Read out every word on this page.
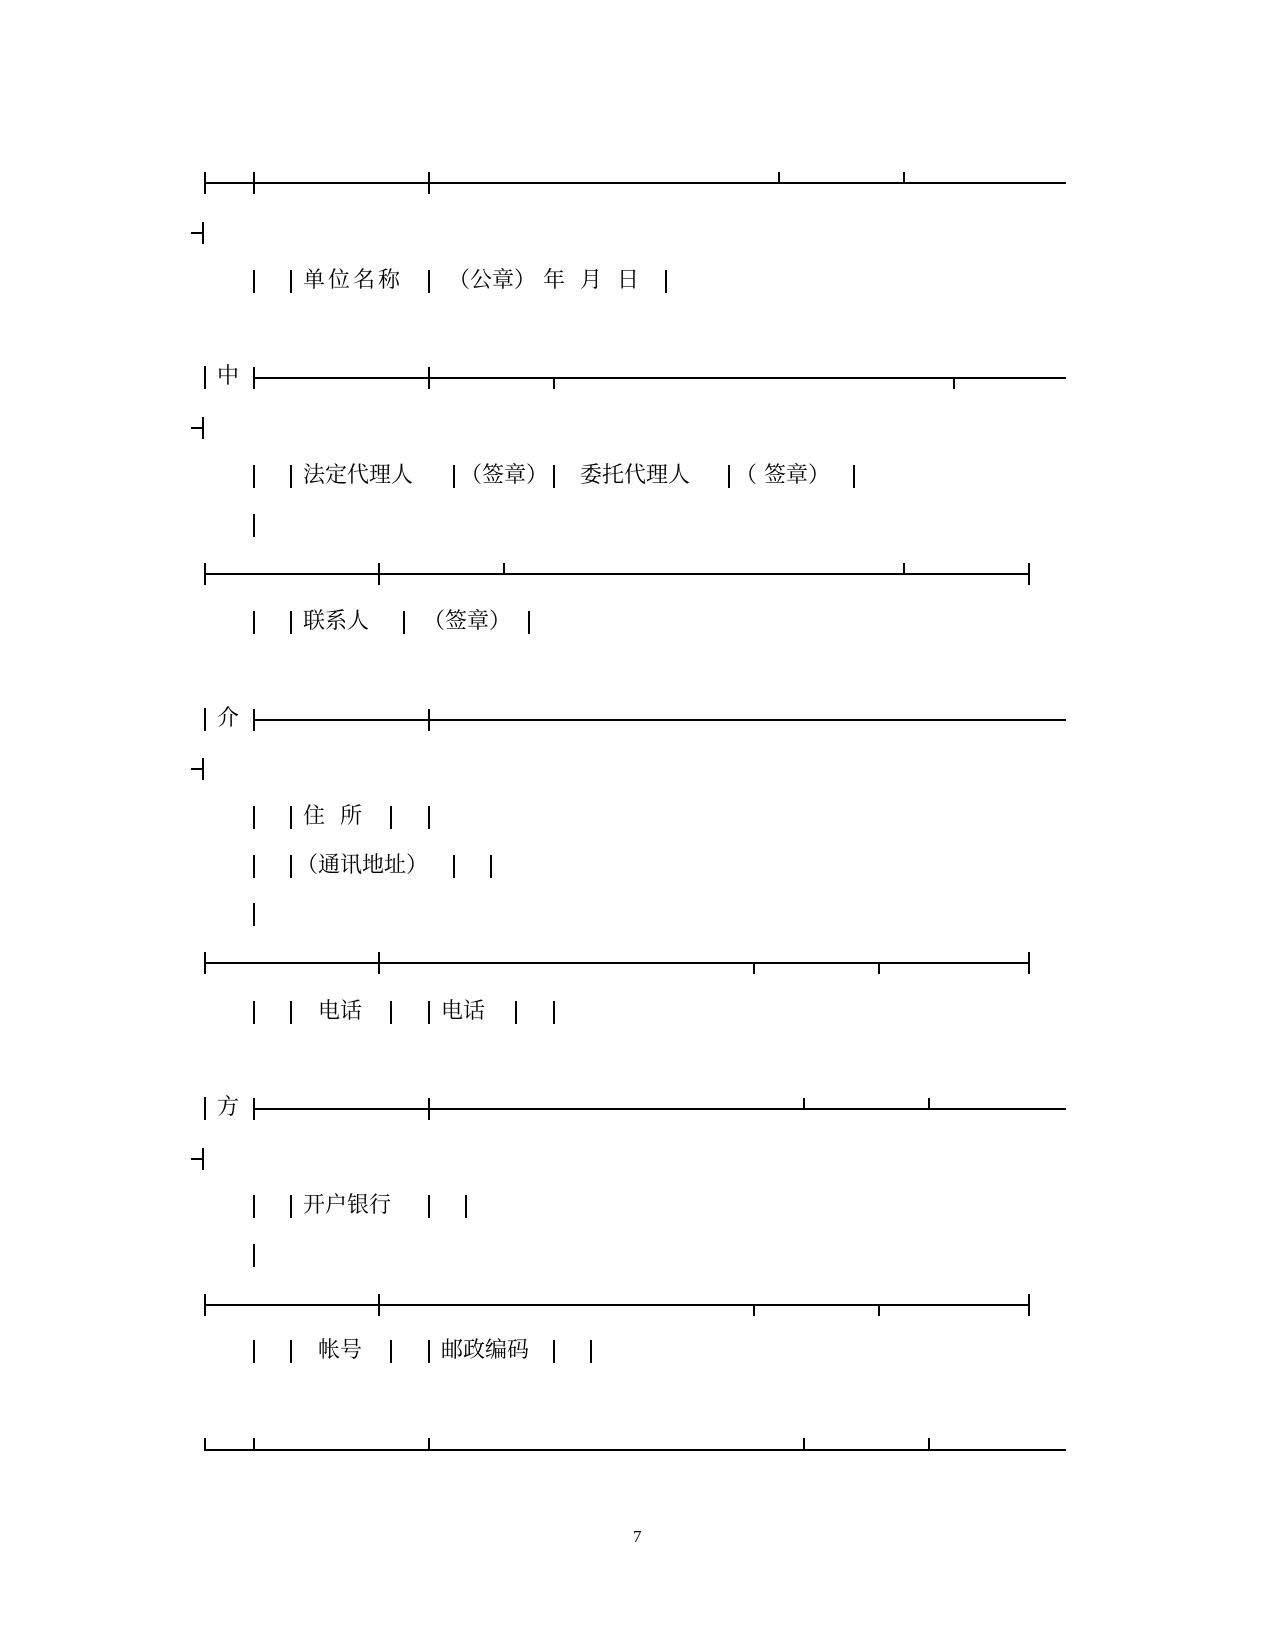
单位名称 （公章） 年 月 日
中
法定代理人 （签章） 委托代理人 （ 签章）
联系人 （签章）
介
住 所
（通讯地址）
电话	电话
方
开户银行
帐号	邮政编码
7
